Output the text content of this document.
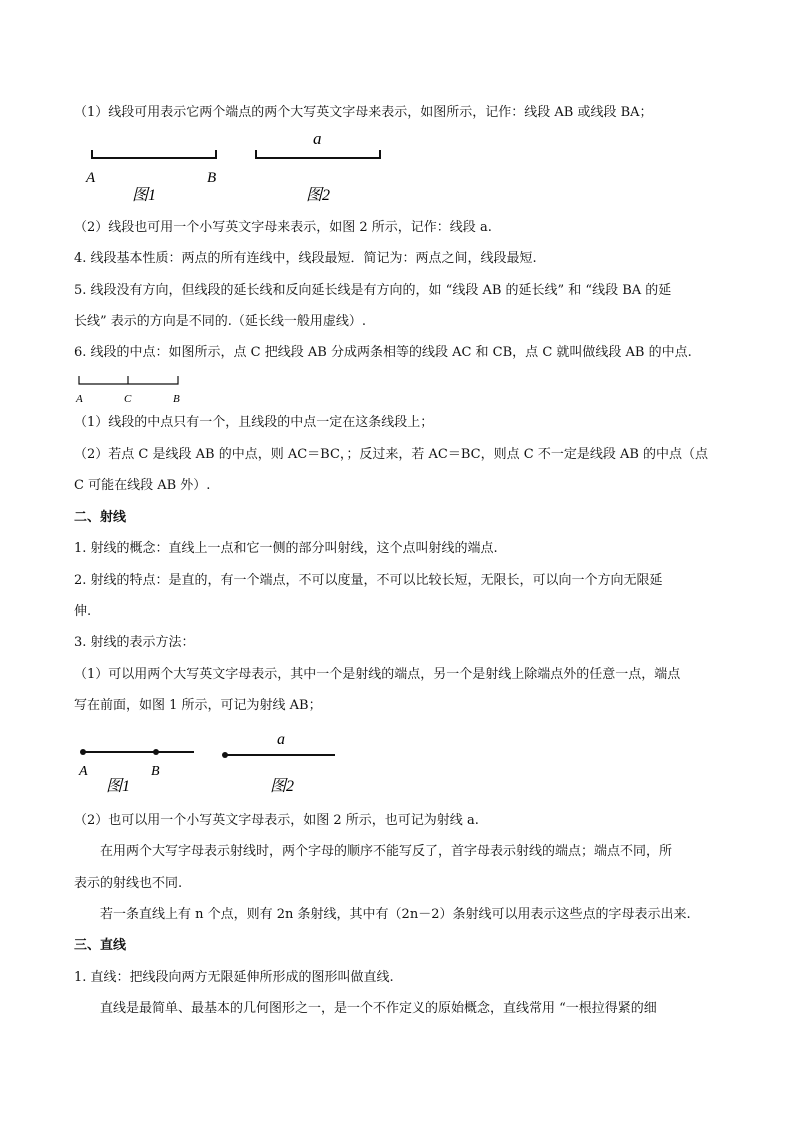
（1）线段可用表示它两个端点的两个大写英文字母来表示，如图所示，记作：线段 AB 或线段 BA；
A	B
图1
a
图2
A	C	B
A	B
图1
a
图2
（2）线段也可用一个小写英文字母来表示，如图 2 所示，记作：线段 a.
4. 线段基本性质：两点的所有连线中，线段最短．简记为：两点之间，线段最短.
5. 线段没有方向，但线段的延长线和反向延长线是有方向的，如 “线段 AB 的延长线” 和 “线段 BA 的延
长线” 表示的方向是不同的.（延长线一般用虚线）.
6. 线段的中点：如图所示，点 C 把线段 AB 分成两条相等的线段 AC 和 CB，点 C 就叫做线段 AB 的中点.
（1）线段的中点只有一个，且线段的中点一定在这条线段上；
（2）若点 C 是线段 AB 的中点，则 AC＝BC，；反过来，若 AC＝BC，则点 C 不一定是线段 AB 的中点（点
C 可能在线段 AB 外）.
二、射线
1. 射线的概念：直线上一点和它一侧的部分叫射线，这个点叫射线的端点.
2. 射线的特点：是直的，有一个端点，不可以度量，不可以比较长短，无限长，可以向一个方向无限延
伸.
3. 射线的表示方法：
（1）可以用两个大写英文字母表示，其中一个是射线的端点，另一个是射线上除端点外的任意一点，端点
写在前面，如图 1 所示，可记为射线 AB；
（2）也可以用一个小写英文字母表示，如图 2 所示，也可记为射线 a.
在用两个大写字母表示射线时，两个字母的顺序不能写反了，首字母表示射线的端点；端点不同，所
表示的射线也不同.
若一条直线上有 n 个点，则有 2n 条射线，其中有（2n－2）条射线可以用表示这些点的字母表示出来.
三、直线
1. 直线：把线段向两方无限延伸所形成的图形叫做直线.
直线是最简单、最基本的几何图形之一，是一个不作定义的原始概念，直线常用 “一根拉得紧的细
